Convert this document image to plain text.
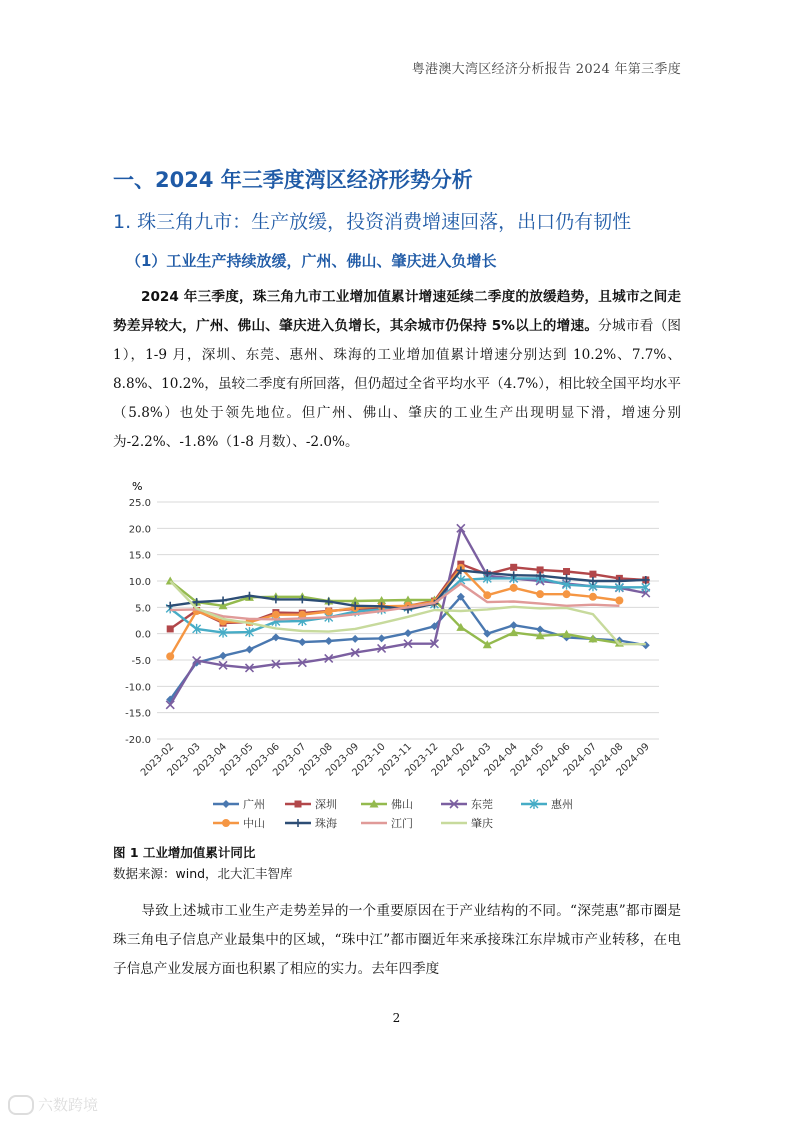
粤港澳大湾区经济分析报告 2024 年第三季度
一、2024 年三季度湾区经济形势分析
1. 珠三角九市：生产放缓，投资消费增速回落，出口仍有韧性
（1）工业生产持续放缓，广州、佛山、肇庆进入负增长
2024 年三季度，珠三角九市工业增加值累计增速延续二季度的放缓趋势，且城市之间走势差异较大，广州、佛山、肇庆进入负增长，其余城市仍保持 5%以上的增速。分城市看（图 1），1-9 月，深圳、东莞、惠州、珠海的工业增加值累计增速分别达到 10.2%、7.7%、8.8%、10.2%，虽较二季度有所回落，但仍超过全省平均水平（4.7%），相比较全国平均水平（5.8%）也处于领先地位。但广州、佛山、肇庆的工业生产出现明显下滑，增速分别为-2.2%、-1.8%（1-8 月数）、-2.0%。
%
25.0
20.0
15.0
10.0
5.0
0.0
-5.0
-10.0
-15.0
-20.0
2023-02
2023-03
2023-04
2023-05
2023-06
2023-07
2023-08
2023-09
2023-10
2023-11
2023-12
2024-02
2024-03
2024-04
2024-05
2024-06
2024-07
2024-08
2024-09
广州	深圳	佛山	东莞	惠州
中山	珠海	江门	肇庆
图 1 工业增加值累计同比
数据来源：wind，北大汇丰智库
导致上述城市工业生产走势差异的一个重要原因在于产业结构的不同。“深莞惠”都市圈是珠三角电子信息产业最集中的区域，“珠中江”都市圈近年来承接珠江东岸城市产业转移，在电子信息产业发展方面也积累了相应的实力。去年四季度
2
六数跨境
